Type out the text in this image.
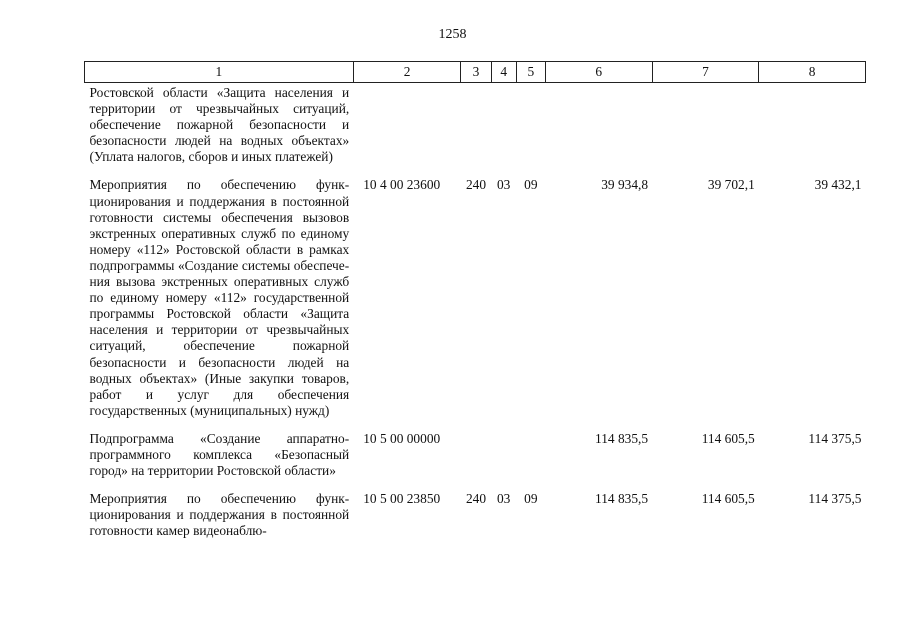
1258
1	2	3	4	5	6	7	8
Ростовской области «Защита населения и территории от чрезвычайных ситуаций, обеспечение пожарной безопасности и безопасности людей на водных объектах» (Уплата налогов, сборов и иных платежей)							

Мероприятия по обеспечению функционирования и поддержания в постоянной готовности системы обеспечения вызовов экстренных оперативных служб по единому номеру «112» Ростовской области в рамках подпрограммы «Создание системы обеспечения вызова экстренных оперативных служб по единому номеру «112» государственной программы Ростовской области «Защита населения и территории от чрезвычайных ситуаций, обеспечение пожарной безопасности и безопасности людей на водных объектах» (Иные закупки товаров, работ и услуг для обеспечения государственных (муниципальных) нужд)	10 4 00 23600	240	03	09	39 934,8	39 702,1	39 432,1

Подпрограмма «Создание аппаратно-программного комплекса «Безопасный город» на территории Ростовской области»	10 5 00 00000				114 835,5	114 605,5	114 375,5

Мероприятия по обеспечению функционирования и поддержания в постоянной готовности камер видеонаблю-	10 5 00 23850	240	03	09	114 835,5	114 605,5	114 375,5
